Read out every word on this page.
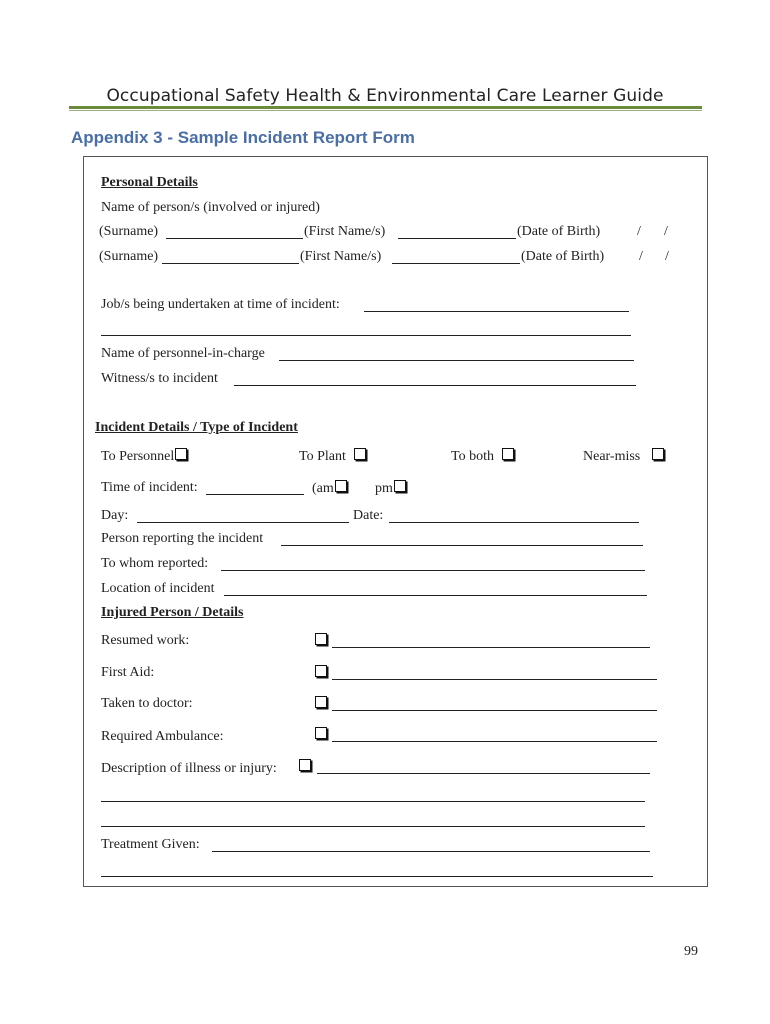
Occupational Safety Health & Environmental Care Learner Guide
Appendix 3 - Sample Incident Report Form
Personal Details
Name of person/s (involved or injured)
(Surname)	(First Name/s)	(Date of Birth)	/ /
(Surname)	(First Name/s)	(Date of Birth) / /
Job/s being undertaken at time of incident:
Name of personnel-in-charge
Witness/s to incident
Incident Details / Type of Incident
To Personnel	To Plant	To both	Near-miss
Time of incident:	(am	pm
Day:	Date:
Person reporting the incident
To whom reported:
Location of incident
Injured Person / Details
Resumed work:
First Aid:
Taken to doctor:
Required Ambulance:
Description of illness or injury:
Treatment Given:
99
